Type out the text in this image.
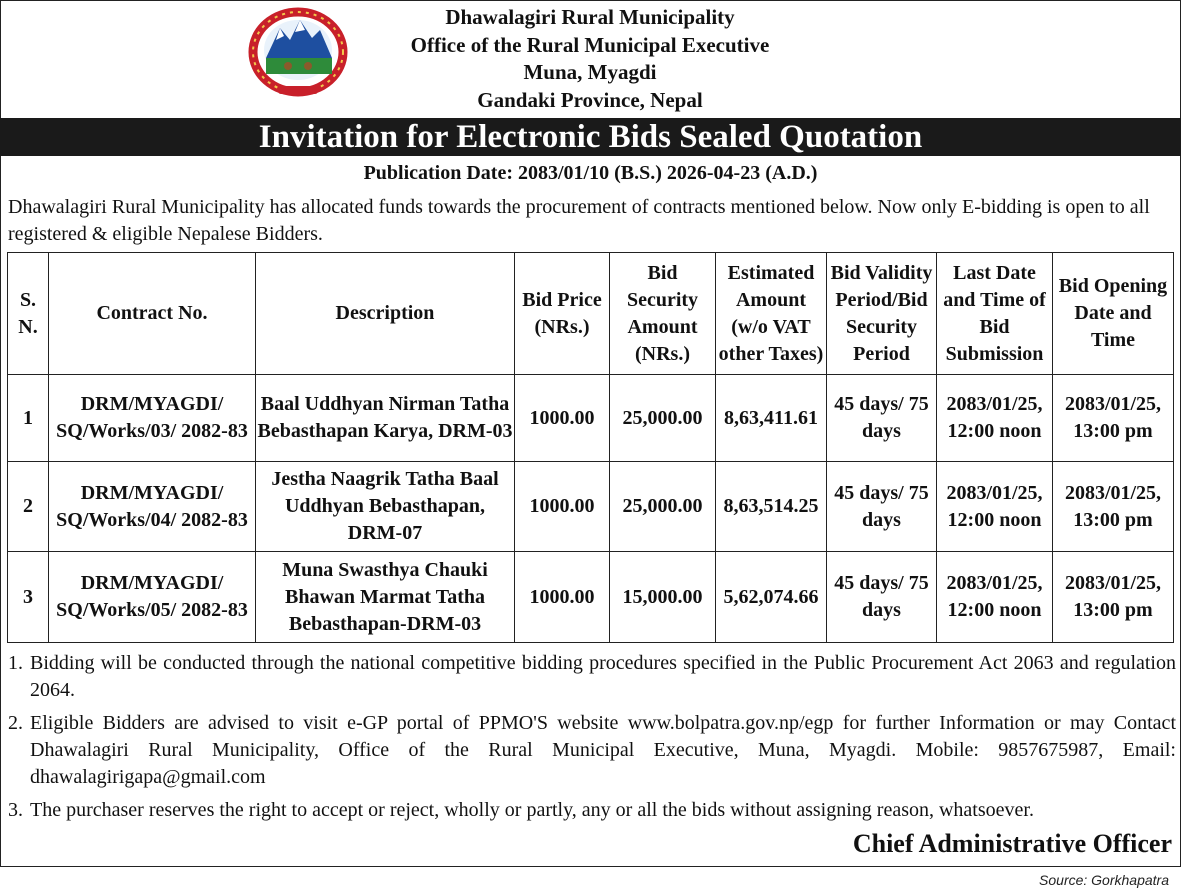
Dhawalagiri Rural Municipality
Office of the Rural Municipal Executive
Muna, Myagdi
Gandaki Province, Nepal
Invitation for Electronic Bids Sealed Quotation
Publication Date: 2083/01/10 (B.S.) 2026-04-23 (A.D.)
Dhawalagiri Rural Municipality has allocated funds towards the procurement of contracts mentioned below. Now only E-bidding is open to all registered & eligible Nepalese Bidders.
S. N.	Contract No.	Description	Bid Price (NRs.)	Bid Security Amount (NRs.)	Estimated Amount (w/o VAT other Taxes)	Bid Validity Period/Bid Security Period	Last Date and Time of Bid Submission	Bid Opening Date and Time
1	DRM/MYAGDI/ SQ/Works/03/ 2082-83	Baal Uddhyan Nirman Tatha Bebasthapan Karya, DRM-03	1000.00	25,000.00	8,63,411.61	45 days/ 75 days	2083/01/25, 12:00 noon	2083/01/25, 13:00 pm
2	DRM/MYAGDI/ SQ/Works/04/ 2082-83	Jestha Naagrik Tatha Baal Uddhyan Bebasthapan, DRM-07	1000.00	25,000.00	8,63,514.25	45 days/ 75 days	2083/01/25, 12:00 noon	2083/01/25, 13:00 pm
3	DRM/MYAGDI/ SQ/Works/05/ 2082-83	Muna Swasthya Chauki Bhawan Marmat Tatha Bebasthapan-DRM-03	1000.00	15,000.00	5,62,074.66	45 days/ 75 days	2083/01/25, 12:00 noon	2083/01/25, 13:00 pm
1. Bidding will be conducted through the national competitive bidding procedures specified in the Public Procurement Act 2063 and regulation 2064.
2. Eligible Bidders are advised to visit e-GP portal of PPMO'S website www.bolpatra.gov.np/egp for further Information or may Contact Dhawalagiri Rural Municipality, Office of the Rural Municipal Executive, Muna, Myagdi. Mobile: 9857675987, Email: dhawalagirigapa@gmail.com
3. The purchaser reserves the right to accept or reject, wholly or partly, any or all the bids without assigning reason, whatsoever.
Chief Administrative Officer
Source: Gorkhapatra
